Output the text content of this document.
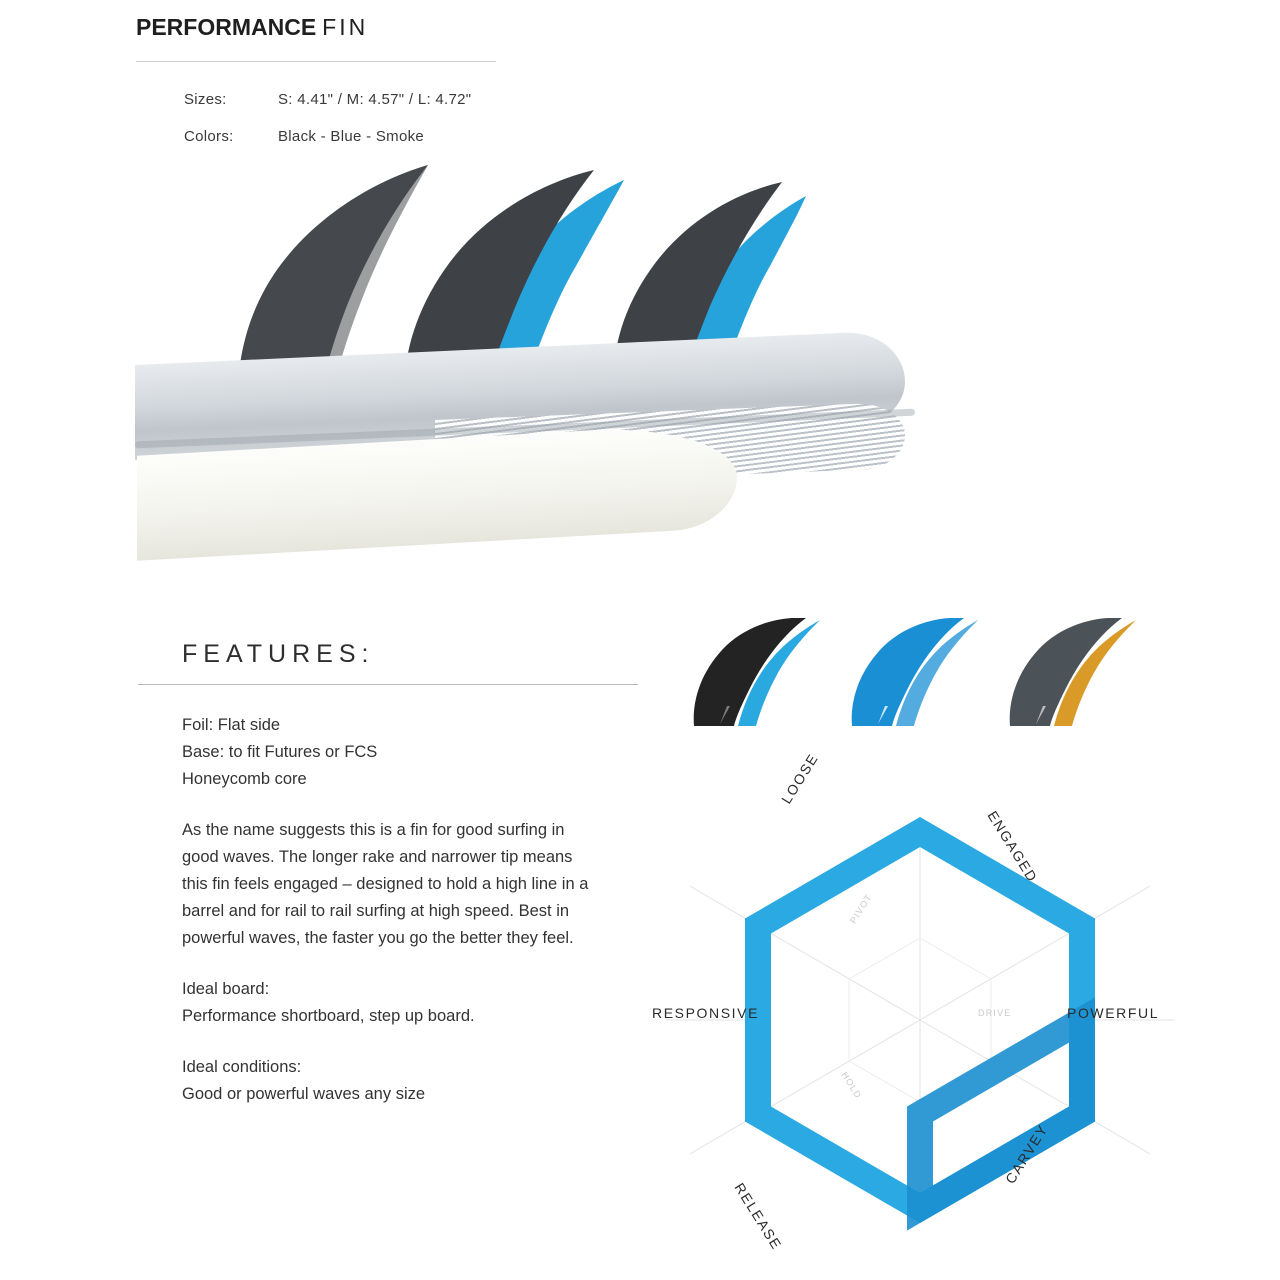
PERFORMANCE FIN
Sizes:	S: 4.41" / M: 4.57" / L: 4.72"
Colors:	Black - Blue - Smoke
FEATURES:

Foil: Flat side
Base: to fit Futures or FCS
Honeycomb core

As the name suggests this is a fin for good surfing in good waves. The longer rake and narrower tip means this fin feels engaged – designed to hold a high line in a barrel and for rail to rail surfing at high speed. Best in powerful waves, the faster you go the better they feel.

Ideal board:
Performance shortboard, step up board.

Ideal conditions:
Good or powerful waves any size

RESPONSIVE	POWERFUL
LOOSE
ENGAGED
RELEASE
CARVEY
PIVOT
DRIVE
HOLD
